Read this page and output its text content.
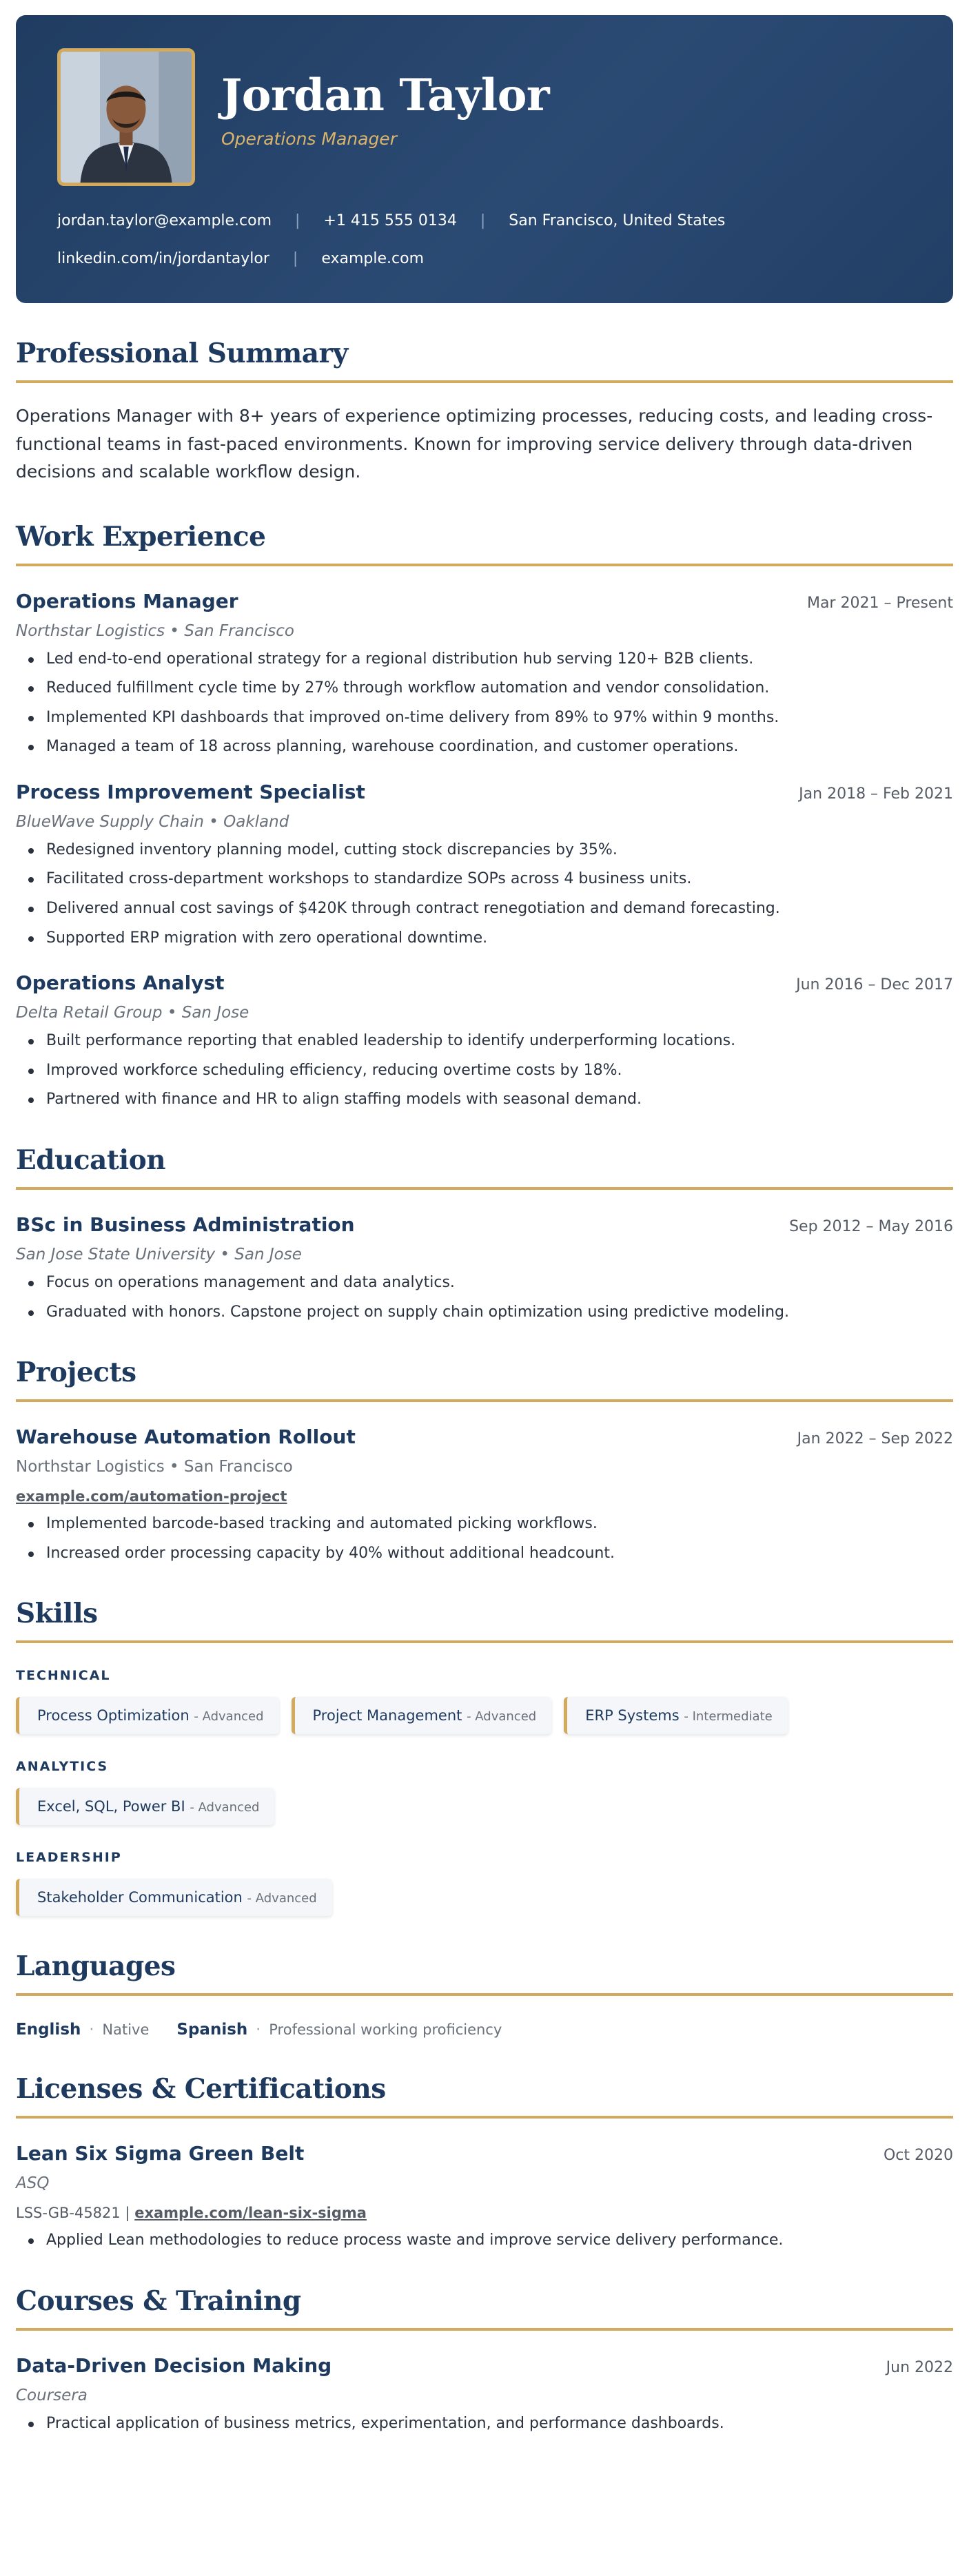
Jordan Taylor
Operations Manager
jordan.taylor@example.com | +1 415 555 0134 | San Francisco, United States
linkedin.com/in/jordantaylor | example.com
Professional Summary

Operations Manager with 8+ years of experience optimizing processes, reducing costs, and leading cross-functional teams in fast-paced environments. Known for improving service delivery through data-driven decisions and scalable workflow design.

Work Experience
Operations Manager	Mar 2021 – Present
Northstar Logistics • San Francisco
Led end-to-end operational strategy for a regional distribution hub serving 120+ B2B clients.
Reduced fulfillment cycle time by 27% through workflow automation and vendor consolidation.
Implemented KPI dashboards that improved on-time delivery from 89% to 97% within 9 months.
Managed a team of 18 across planning, warehouse coordination, and customer operations.
Process Improvement Specialist	Jan 2018 – Feb 2021
BlueWave Supply Chain • Oakland
Redesigned inventory planning model, cutting stock discrepancies by 35%.
Facilitated cross-department workshops to standardize SOPs across 4 business units.
Delivered annual cost savings of $420K through contract renegotiation and demand forecasting.
Supported ERP migration with zero operational downtime.
Operations Analyst	Jun 2016 – Dec 2017
Delta Retail Group • San Jose
Built performance reporting that enabled leadership to identify underperforming locations.
Improved workforce scheduling efficiency, reducing overtime costs by 18%.
Partnered with finance and HR to align staffing models with seasonal demand.
Education
BSc in Business Administration	Sep 2012 – May 2016
San Jose State University • San Jose
Focus on operations management and data analytics.
Graduated with honors. Capstone project on supply chain optimization using predictive modeling.
Projects
Warehouse Automation Rollout	Jan 2022 – Sep 2022
Northstar Logistics • San Francisco
example.com/automation-project
Implemented barcode-based tracking and automated picking workflows.
Increased order processing capacity by 40% without additional headcount.
Skills
TECHNICAL
Process Optimization - Advanced	Project Management - Advanced	ERP Systems - Intermediate
ANALYTICS
Excel, SQL, Power BI - Advanced
LEADERSHIP
Stakeholder Communication - Advanced
Languages
English · Native Spanish · Professional working proficiency
Licenses & Certifications
Lean Six Sigma Green Belt	Oct 2020
ASQ
LSS-GB-45821 | example.com/lean-six-sigma
Applied Lean methodologies to reduce process waste and improve service delivery performance.
Courses & Training
Data-Driven Decision Making	Jun 2022
Coursera
Practical application of business metrics, experimentation, and performance dashboards.
